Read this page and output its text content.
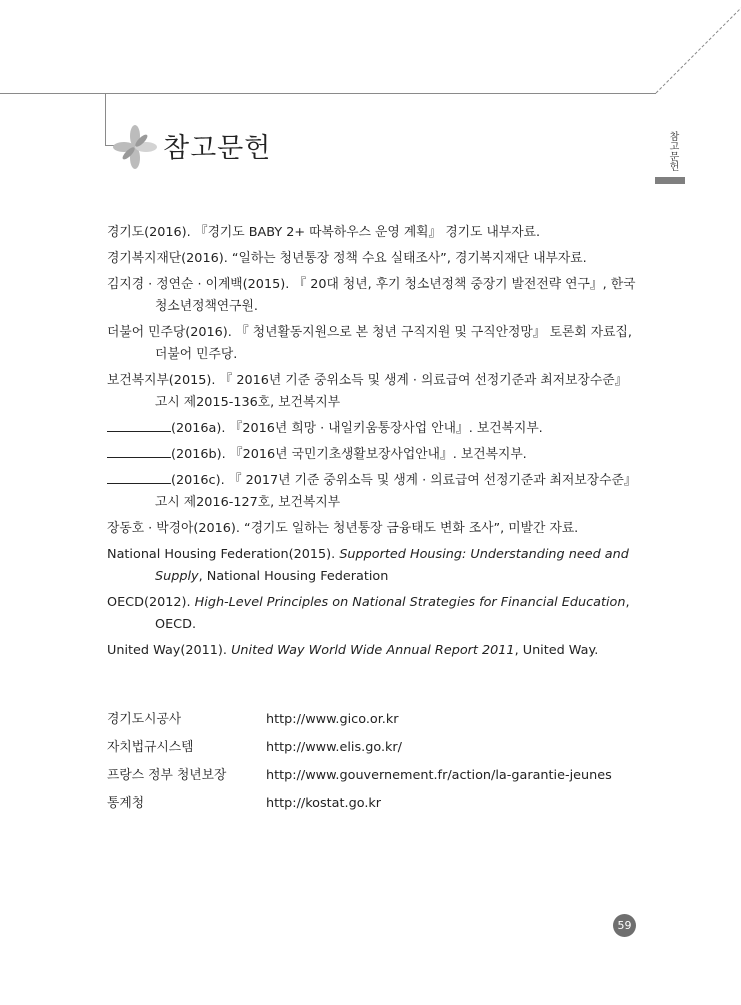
참고문헌	참고문헌
경기도(2016). 『경기도 BABY 2+ 따복하우스 운영 계획』 경기도 내부자료.
경기복지재단(2016). “일하는 청년통장 정책 수요 실태조사”, 경기복지재단 내부자료.
김지경 · 정연순 · 이계백(2015). 『 20대 청년, 후기 청소년정책 중장기 발전전략 연구』, 한국청소년정책연구원.
더불어 민주당(2016). 『 청년활동지원으로 본 청년 구직지원 및 구직안정망』 토론회 자료집, 더불어 민주당.
보건복지부(2015). 『 2016년 기준 중위소득 및 생계 · 의료급여 선정기준과 최저보장수준』 고시 제2015-136호, 보건복지부
(2016a). 『2016년 희망 · 내일키움통장사업 안내』. 보건복지부.
(2016b). 『2016년 국민기초생활보장사업안내』. 보건복지부.
(2016c). 『 2017년 기준 중위소득 및 생계 · 의료급여 선정기준과 최저보장수준』 고시 제2016-127호, 보건복지부
장동호 · 박경아(2016). “경기도 일하는 청년통장 금융태도 변화 조사”, 미발간 자료.
National Housing Federation(2015). Supported Housing: Understanding need and Supply, National Housing Federation
OECD(2012). High-Level Principles on National Strategies for Financial Education, OECD.
United Way(2011). United Way World Wide Annual Report 2011, United Way.
경기도시공사	http://www.gico.or.kr
자치법규시스템	http://www.elis.go.kr/
프랑스 정부 청년보장	http://www.gouvernement.fr/action/la-garantie-jeunes
통계청	http://kostat.go.kr
59
